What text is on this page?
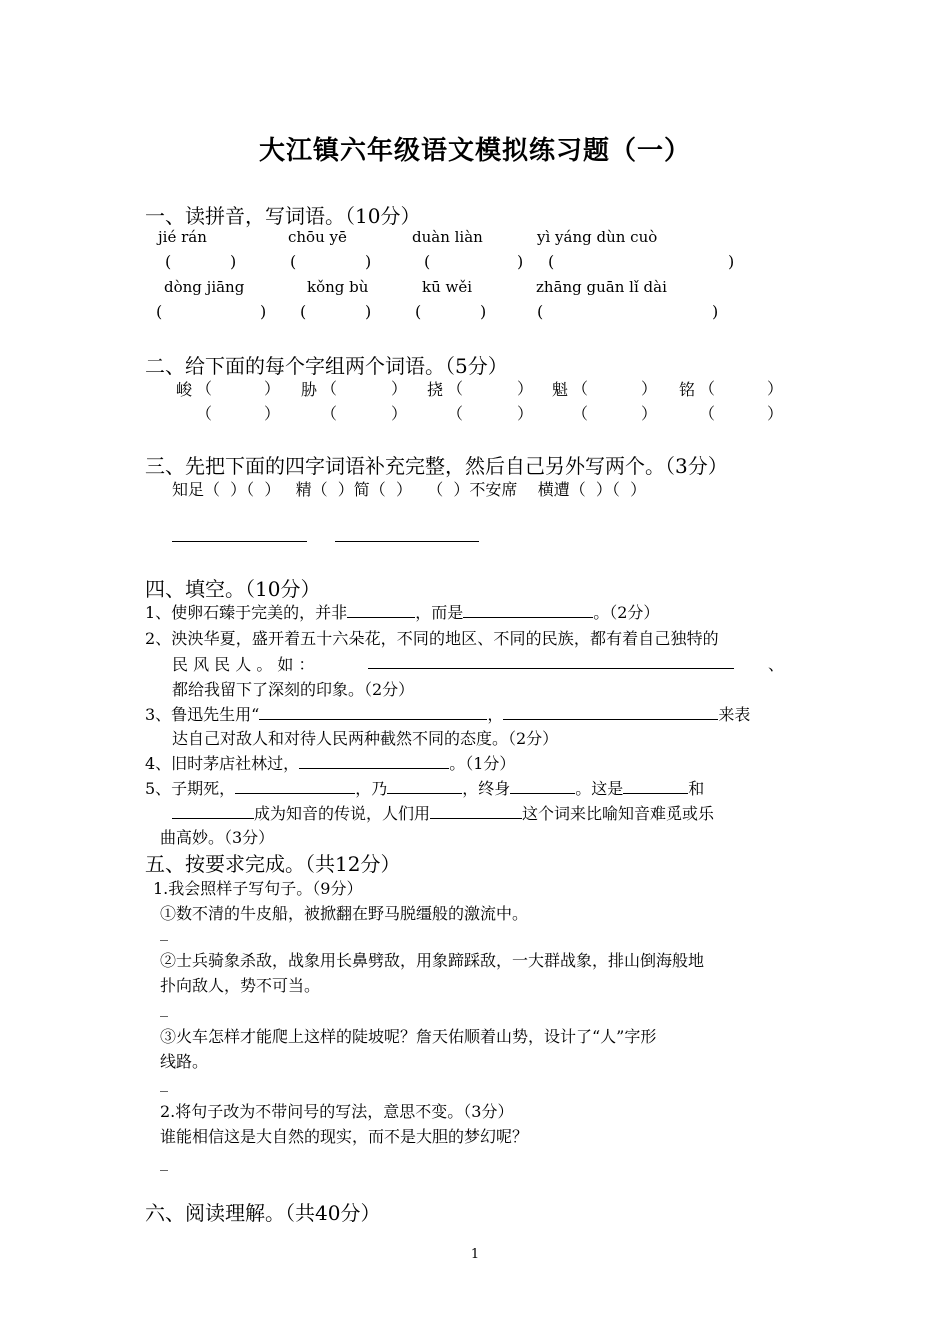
大江镇六年级语文模拟练习题（一）
一、读拼音，写词语。（10分）
jié rán	chōu yē	duàn liàn	yì yáng dùn cuò
(	)	(	)	(	) (	)
dòng jiāng	kǒng bù	kū wěi	zhāng guān lǐ dài
(	) (	)	(	)	(	)
二、给下面的每个字组两个词语。（5分）
峻	胁	挠	魁	铭
（	）	（	） （	） （	）	（	）
（	）	（	） （	） （	）	（	）
三、先把下面的四字词语补充完整，然后自己另外写两个。（3分）
知足（  ）（  ）   精（  ）简（  ）   （  ）不安席    横遭（  ）（  ）
四、填空。（10分）
1、使卵石臻于完美的，并非	，而是	。（2分）
2、泱泱华夏，盛开着五十六朵花，不同的地区、不同的民族，都有着自己独特的
民 风 民 人 。 如 ：	、
都给我留下了深刻的印象。（2分）
3、鲁迅先生用“	，	来表
达自己对敌人和对待人民两种截然不同的态度。（2分）
4、旧时茅店社林过，	。（1分）
5、子期死，	，乃	，终身	。这是	和
成为知音的传说，人们用	这个词来比喻知音难觅或乐
曲高妙。（3分）
五、按要求完成。（共12分）
1.我会照样子写句子。（9分）
①数不清的牛皮船，被掀翻在野马脱缰般的激流中。
_
②士兵骑象杀敌，战象用长鼻劈敌，用象蹄踩敌，一大群战象，排山倒海般地
扑向敌人，势不可当。
_
③火车怎样才能爬上这样的陡坡呢？詹天佑顺着山势，设计了“人”字形
线路。
_
2.将句子改为不带问号的写法，意思不变。（3分）
谁能相信这是大自然的现实，而不是大胆的梦幻呢？
_
六、阅读理解。（共40分）
1
